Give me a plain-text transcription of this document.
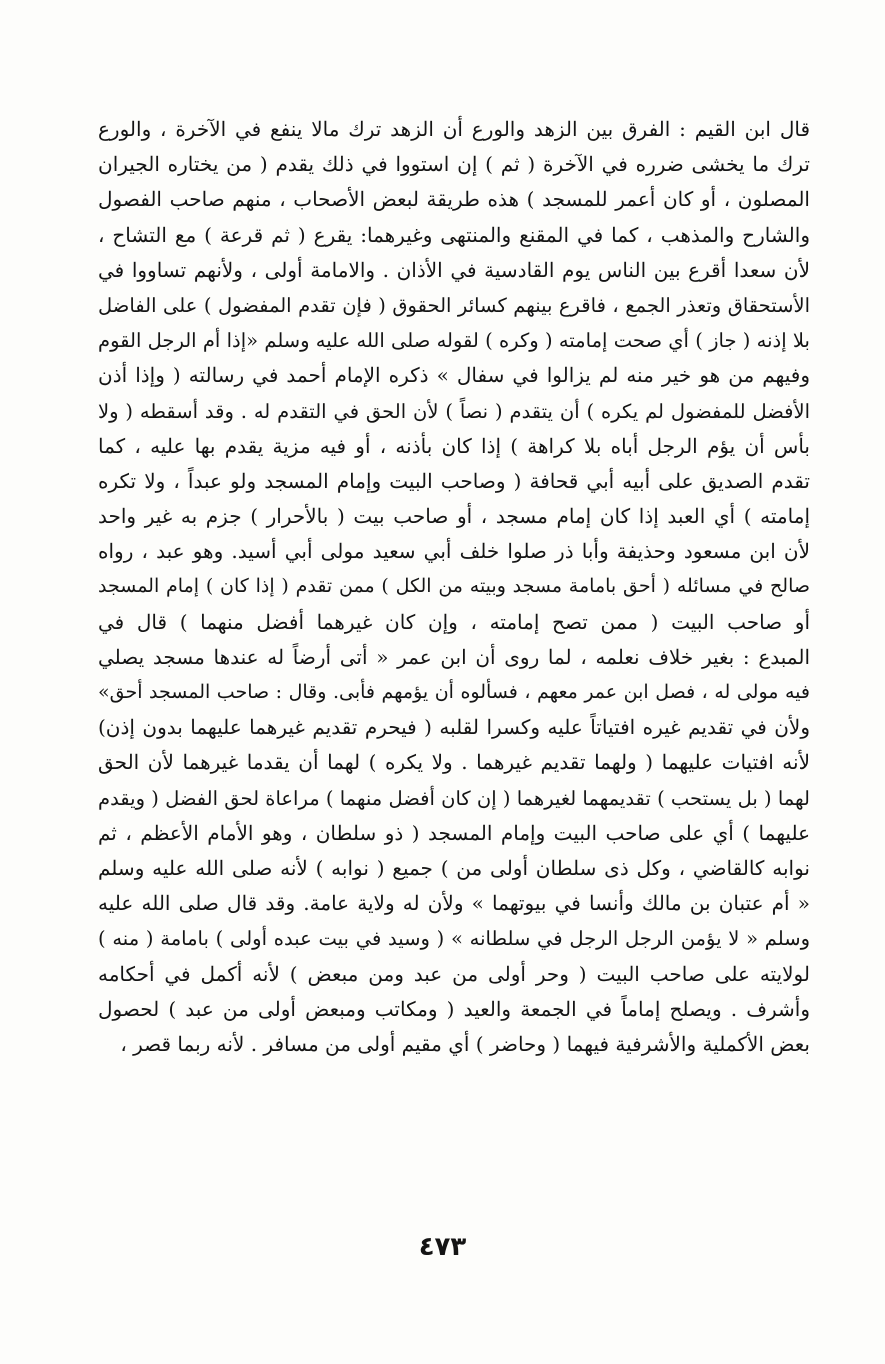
قال ابن القيم : الفرق بين الزهد والورع أن الزهد ترك مالا ينفع في الآخرة ، والورع
ترك ما يخشى ضرره في الآخرة ( ثم ) إن استووا في ذلك يقدم ( من يختاره الجيران
المصلون ، أو كان أعمر للمسجد ) هذه طريقة لبعض الأصحاب ، منهم صاحب الفصول
والشارح والمذهب ، كما في المقنع والمنتهى وغيرهما: يقرع ( ثم قرعة ) مع التشاح ،
لأن سعدا أقرع بين الناس يوم القادسية في الأذان . والامامة أولى ، ولأنهم تساووا في
الأستحقاق وتعذر الجمع ، فاقرع بينهم كسائر الحقوق ( فإن تقدم المفضول ) على الفاضل
بلا إذنه ( جاز ) أي صحت إمامته ( وكره ) لقوله صلى الله عليه وسلم «إذا أم الرجل القوم
وفيهم من هو خير منه لم يزالوا في سفال » ذكره الإمام أحمد في رسالته ( وإذا أذن
الأفضل للمفضول لم يكره ) أن يتقدم ( نصاً ) لأن الحق في التقدم له . وقد أسقطه ( ولا
بأس أن يؤم الرجل أباه بلا كراهة ) إذا كان بأذنه ، أو فيه مزية يقدم بها عليه ، كما
تقدم الصديق على أبيه أبي قحافة ( وصاحب البيت وإمام المسجد ولو عبداً ، ولا تكره
إمامته ) أي العبد إذا كان إمام مسجد ، أو صاحب بيت ( بالأحرار ) جزم به غير واحد
لأن ابن مسعود وحذيفة وأبا ذر صلوا خلف أبي سعيد مولى أبي أسيد. وهو عبد ، رواه
صالح في مسائله ( أحق بامامة مسجد وبيته من الكل ) ممن تقدم ( إذا كان ) إمام المسجد
أو صاحب البيت ( ممن تصح إمامته ، وإن كان غيرهما أفضل منهما ) قال في
المبدع : بغير خلاف نعلمه ، لما روى أن ابن عمر « أتى أرضاً له عندها مسجد يصلي
فيه مولى له ، فصل ابن عمر معهم ، فسألوه أن يؤمهم فأبى. وقال : صاحب المسجد أحق»
ولأن في تقديم غيره افتياتاً عليه وكسرا لقلبه ( فيحرم تقديم غيرهما عليهما بدون إذن)
لأنه افتيات عليهما ( ولهما تقديم غيرهما . ولا يكره ) لهما أن يقدما غيرهما لأن الحق
لهما ( بل يستحب ) تقديمهما لغيرهما ( إن كان أفضل منهما ) مراعاة لحق الفضل ( ويقدم
عليهما ) أي على صاحب البيت وإمام المسجد ( ذو سلطان ، وهو الأمام الأعظم ، ثم
نوابه كالقاضي ، وكل ذى سلطان أولى من ) جميع ( نوابه ) لأنه صلى الله عليه وسلم
« أم عتبان بن مالك وأنسا في بيوتهما » ولأن له ولاية عامة. وقد قال صلى الله عليه
وسلم « لا يؤمن الرجل الرجل في سلطانه » ( وسيد في بيت عبده أولى ) بامامة ( منه )
لولايته على صاحب البيت ( وحر أولى من عبد ومن مبعض ) لأنه أكمل في أحكامه
وأشرف . ويصلح إماماً في الجمعة والعيد ( ومكاتب ومبعض أولى من عبد ) لحصول
بعض الأكملية والأشرفية فيهما ( وحاضر ) أي مقيم أولى من مسافر . لأنه ربما قصر ،
٤٧٣
